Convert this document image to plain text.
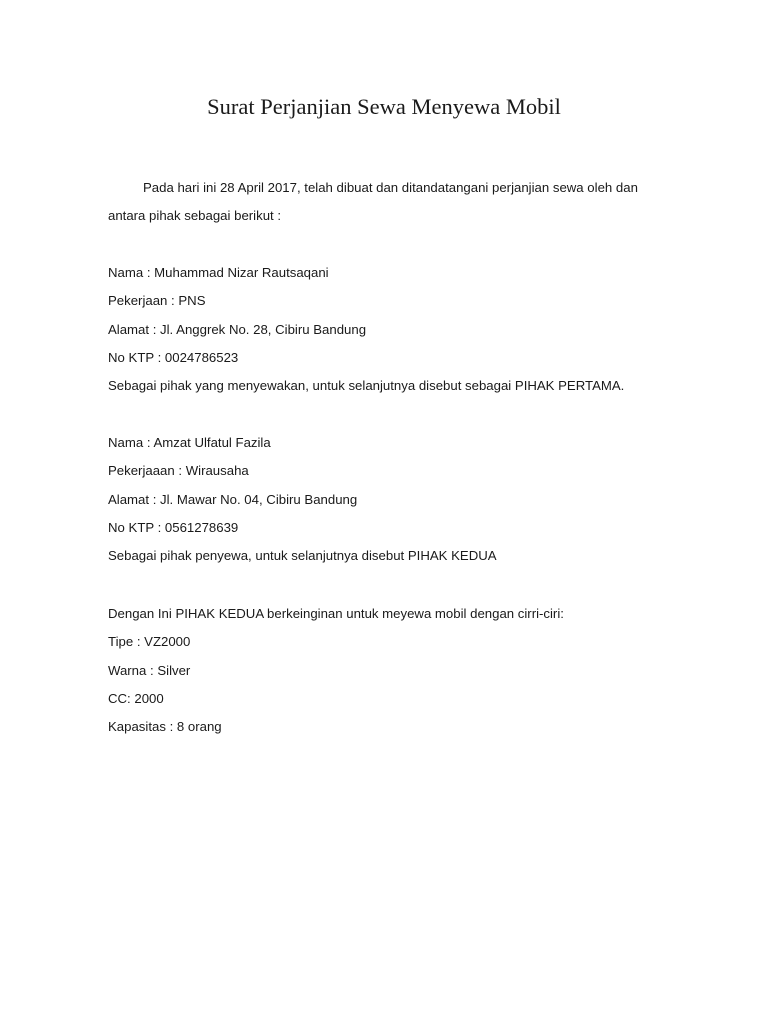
Surat Perjanjian Sewa Menyewa Mobil

Pada hari ini 28 April 2017, telah dibuat dan ditandatangani perjanjian sewa oleh dan antara pihak sebagai berikut :

Nama : Muhammad Nizar Rautsaqani
Pekerjaan : PNS
Alamat : Jl. Anggrek No. 28, Cibiru Bandung
No KTP : 0024786523
Sebagai pihak yang menyewakan, untuk selanjutnya disebut sebagai PIHAK PERTAMA.
Nama : Amzat Ulfatul Fazila
Pekerjaaan : Wirausaha
Alamat : Jl. Mawar No. 04, Cibiru Bandung
No KTP : 0561278639
Sebagai pihak penyewa, untuk selanjutnya disebut PIHAK KEDUA
Dengan Ini PIHAK KEDUA berkeinginan untuk meyewa mobil dengan cirri-ciri:
Tipe : VZ2000
Warna : Silver
CC: 2000
Kapasitas : 8 orang
